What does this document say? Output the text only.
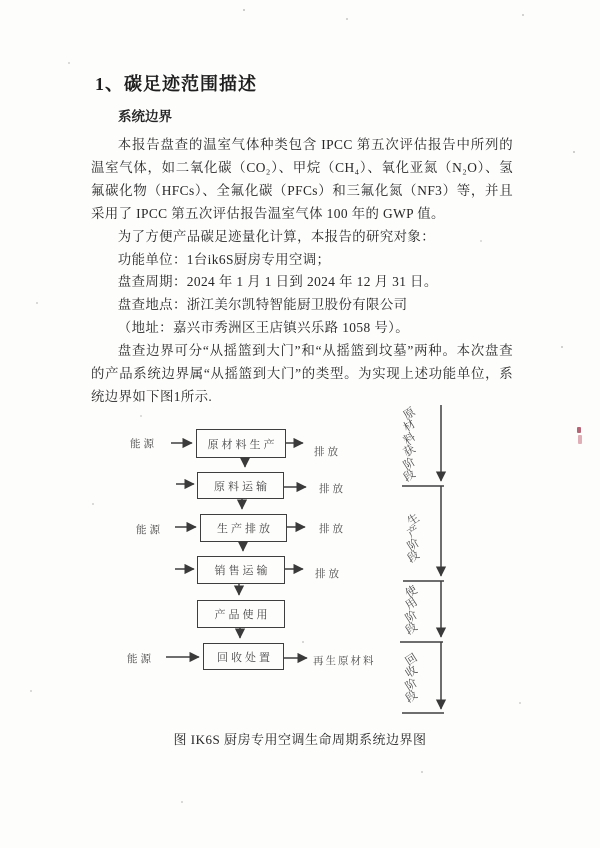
1、碳足迹范围描述
系统边界

本报告盘查的温室气体种类包含 IPCC 第五次评估报告中所列的温室气体，如二氧化碳（CO₂）、甲烷（CH₄）、氧化亚氮（N₂O）、氢氟碳化物（HFCs）、全氟化碳（PFCs）和三氟化氮（NF3）等，并且采用了 IPCC 第五次评估报告温室气体 100 年的 GWP 值。

为了方便产品碳足迹量化计算，本报告的研究对象：

功能单位：1台ik6S厨房专用空调；

盘查周期：2024 年 1 月 1 日到 2024 年 12 月 31 日。

盘查地点：浙江美尔凯特智能厨卫股份有限公司

（地址：嘉兴市秀洲区王店镇兴乐路 1058 号）。

盘查边界可分“从摇篮到大门”和“从摇篮到坟墓”两种。本次盘查的产品系统边界属“从摇篮到大门”的类型。为实现上述功能单位，系统边界如下图1所示.

原材料生产
原料运输
生产排放
销售运输
产品使用
回收处置
能源
能源
能源
排放
排放
排放
排放
再生原材料
原
材
料
获
阶
段
生
产
阶
段
使
用
阶
段
回
收
阶
段
图 IK6S 厨房专用空调生命周期系统边界图
